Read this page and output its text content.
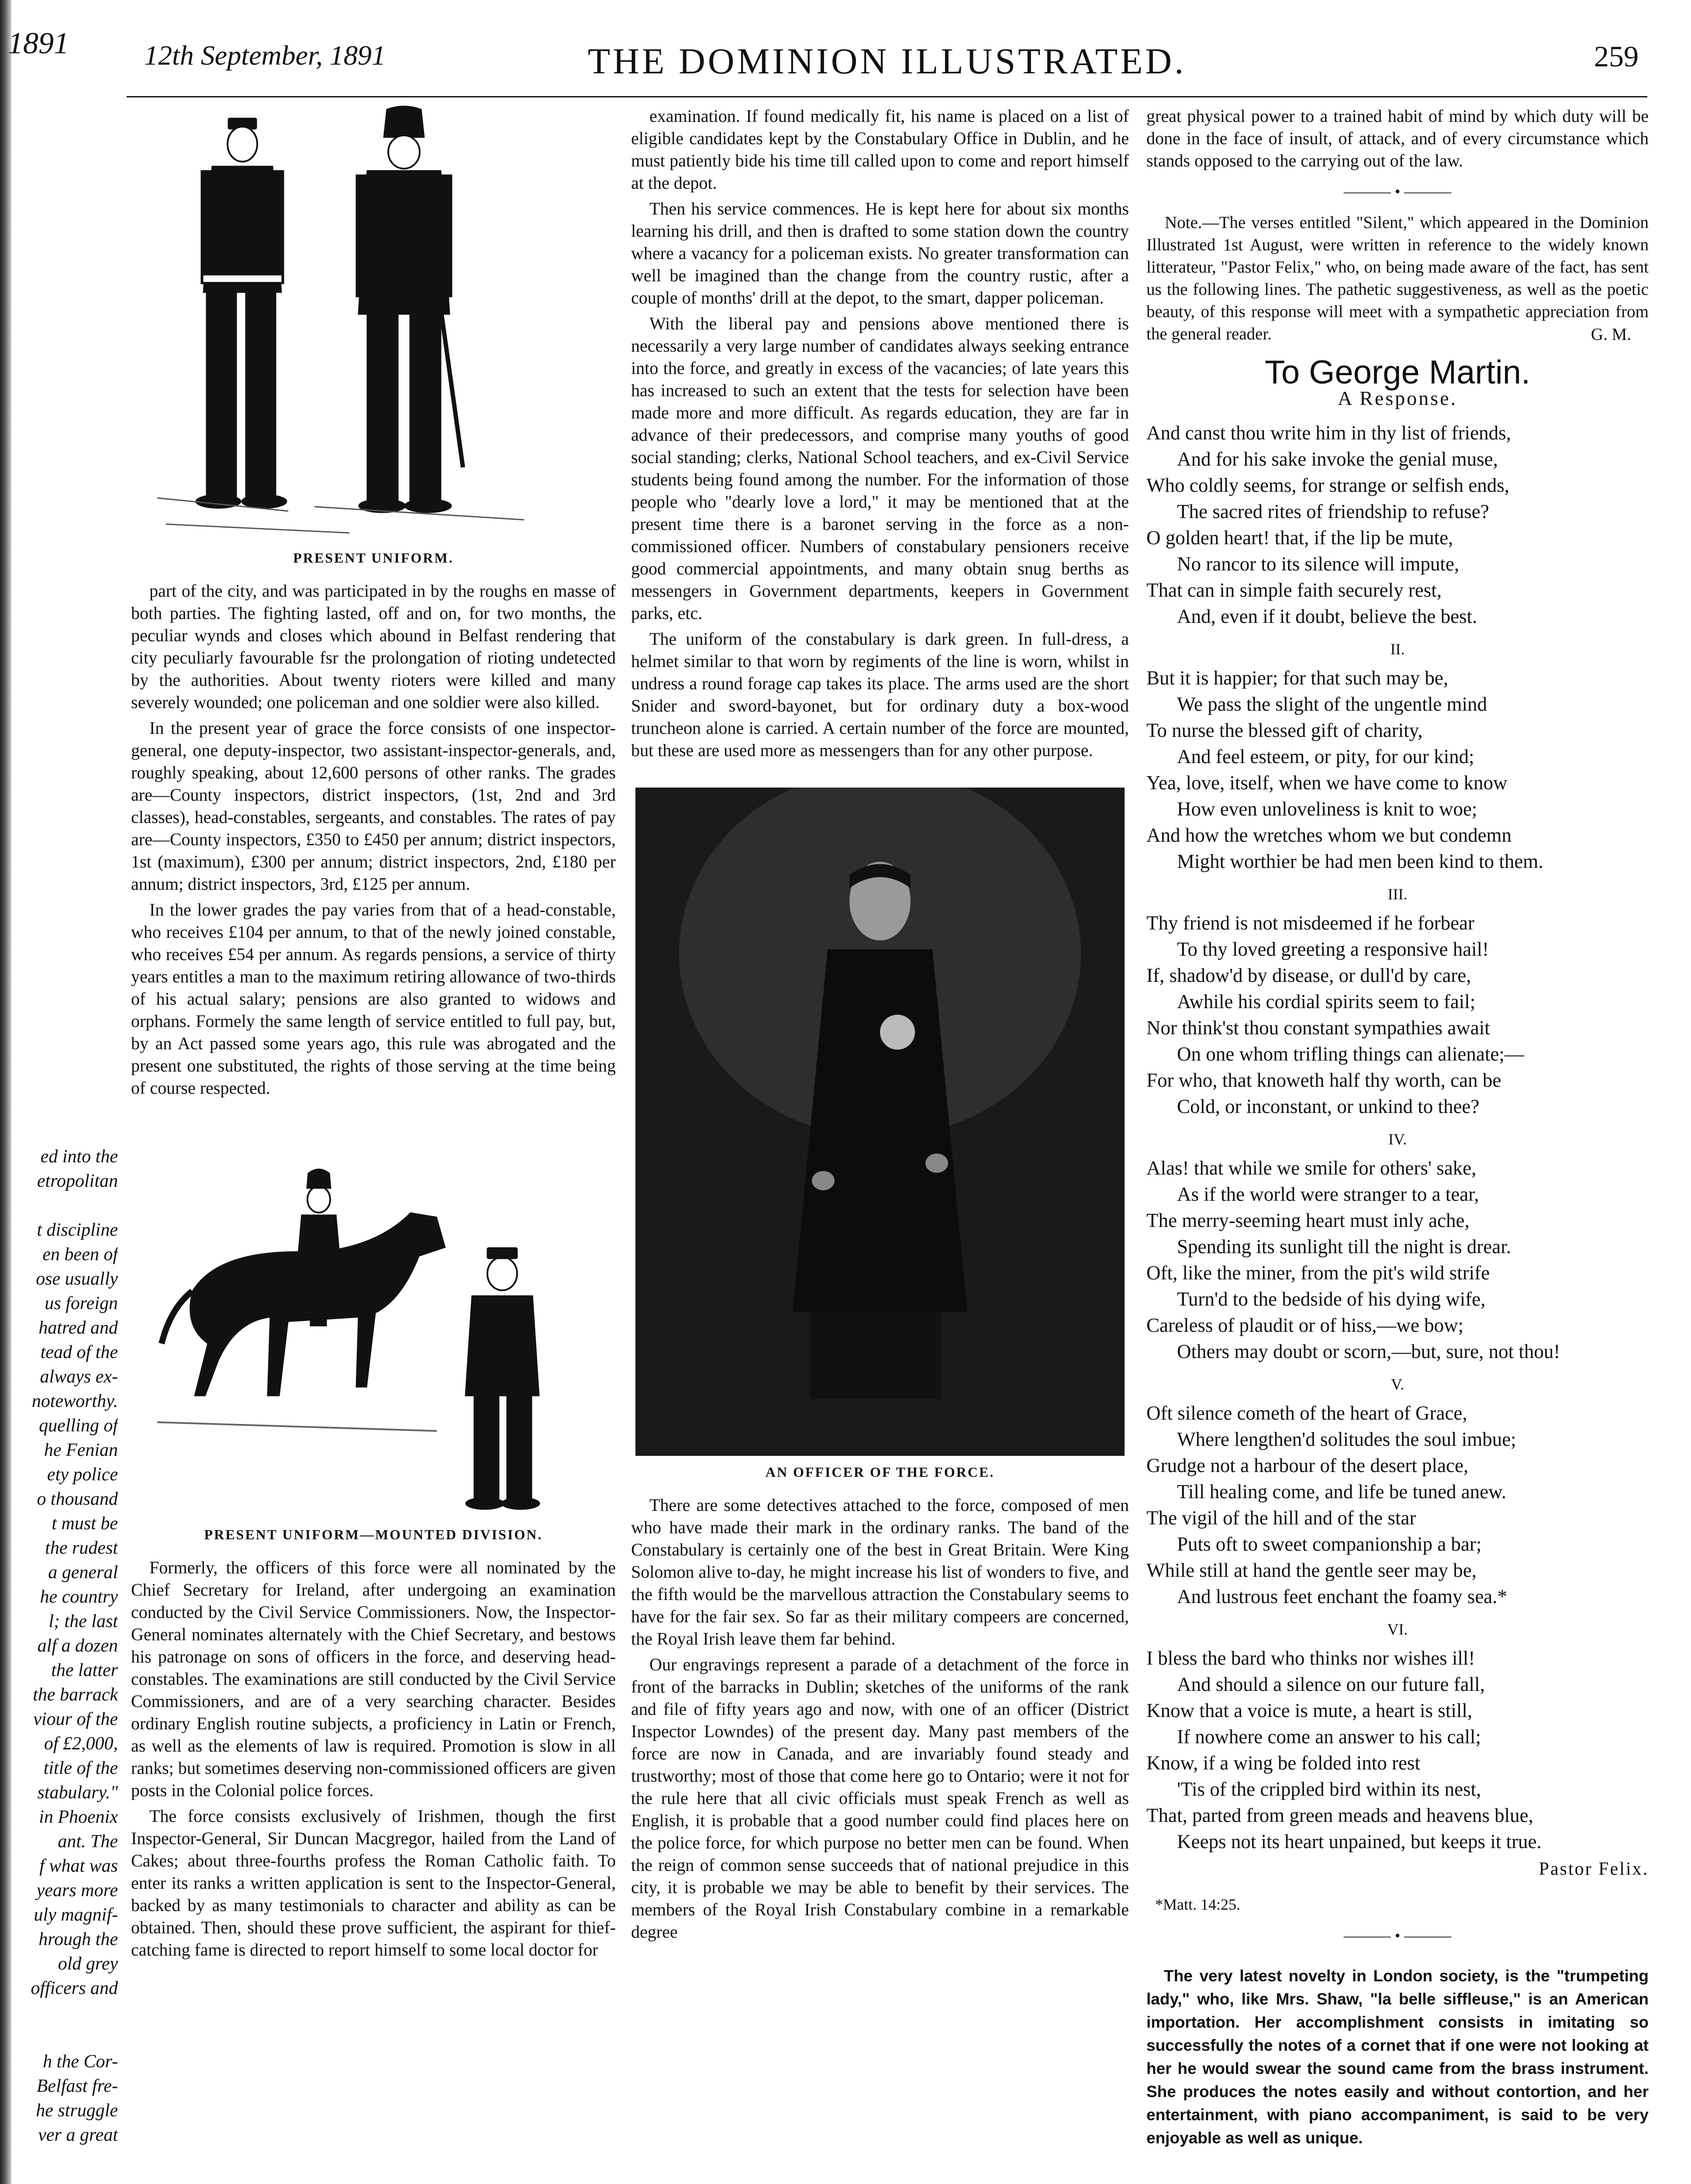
1891
ed into the
etropolitan

t discipline
en been of
ose usually
us foreign
hatred and
tead of the
always ex-
noteworthy.
quelling of
he Fenian
ety police
o thousand
t must be
the rudest
a general
he country
l; the last
alf a dozen
the latter
the barrack
viour of the
of £2,000,
title of the
stabulary."
in Phoenix
ant. The
f what was
years more
uly magnif-
hrough the
old grey
officers and

h the Cor-
Belfast fre-
he struggle
ver a great
12th September, 1891	THE DOMINION ILLUSTRATED.	259
PRESENT UNIFORM.

part of the city, and was participated in by the roughs en masse of both parties. The fighting lasted, off and on, for two months, the peculiar wynds and closes which abound in Belfast rendering that city peculiarly favourable fsr the prolongation of rioting undetected by the authorities. About twenty rioters were killed and many severely wounded; one policeman and one soldier were also killed.

In the present year of grace the force consists of one inspector-general, one deputy-inspector, two assistant-inspector-generals, and, roughly speaking, about 12,600 persons of other ranks. The grades are—County inspectors, district inspectors, (1st, 2nd and 3rd classes), head-constables, sergeants, and constables. The rates of pay are—County inspectors, £350 to £450 per annum; district inspectors, 1st (maximum), £300 per annum; district inspectors, 2nd, £180 per annum; district inspectors, 3rd, £125 per annum.

In the lower grades the pay varies from that of a head-constable, who receives £104 per annum, to that of the newly joined constable, who receives £54 per annum. As regards pensions, a service of thirty years entitles a man to the maximum retiring allowance of two-thirds of his actual salary; pensions are also granted to widows and orphans. Formely the same length of service entitled to full pay, but, by an Act passed some years ago, this rule was abrogated and the present one substituted, the rights of those serving at the time being of course respected.

PRESENT UNIFORM—MOUNTED DIVISION.

Formerly, the officers of this force were all nominated by the Chief Secretary for Ireland, after undergoing an examination conducted by the Civil Service Commissioners. Now, the Inspector-General nominates alternately with the Chief Secretary, and bestows his patronage on sons of officers in the force, and deserving head-constables. The examinations are still conducted by the Civil Service Commissioners, and are of a very searching character. Besides ordinary English routine subjects, a proficiency in Latin or French, as well as the elements of law is required. Promotion is slow in all ranks; but sometimes deserving non-commissioned officers are given posts in the Colonial police forces.

The force consists exclusively of Irishmen, though the first Inspector-General, Sir Duncan Macgregor, hailed from the Land of Cakes; about three-fourths profess the Roman Catholic faith. To enter its ranks a written application is sent to the Inspector-General, backed by as many testimonials to character and ability as can be obtained. Then, should these prove sufficient, the aspirant for thief-catching fame is directed to report himself to some local doctor for

examination. If found medically fit, his name is placed on a list of eligible candidates kept by the Constabulary Office in Dublin, and he must patiently bide his time till called upon to come and report himself at the depot.

Then his service commences. He is kept here for about six months learning his drill, and then is drafted to some station down the country where a vacancy for a policeman exists. No greater transformation can well be imagined than the change from the country rustic, after a couple of months' drill at the depot, to the smart, dapper policeman.

With the liberal pay and pensions above mentioned there is necessarily a very large number of candidates always seeking entrance into the force, and greatly in excess of the vacancies; of late years this has increased to such an extent that the tests for selection have been made more and more difficult. As regards education, they are far in advance of their predecessors, and comprise many youths of good social standing; clerks, National School teachers, and ex-Civil Service students being found among the number. For the information of those people who "dearly love a lord," it may be mentioned that at the present time there is a baronet serving in the force as a non-commissioned officer. Numbers of constabulary pensioners receive good commercial appointments, and many obtain snug berths as messengers in Government departments, keepers in Government parks, etc.

The uniform of the constabulary is dark green. In full-dress, a helmet similar to that worn by regiments of the line is worn, whilst in undress a round forage cap takes its place. The arms used are the short Snider and sword-bayonet, but for ordinary duty a box-wood truncheon alone is carried. A certain number of the force are mounted, but these are used more as messengers than for any other purpose.

AN OFFICER OF THE FORCE.

There are some detectives attached to the force, composed of men who have made their mark in the ordinary ranks. The band of the Constabulary is certainly one of the best in Great Britain. Were King Solomon alive to-day, he might increase his list of wonders to five, and the fifth would be the marvellous attraction the Constabulary seems to have for the fair sex. So far as their military compeers are concerned, the Royal Irish leave them far behind.

Our engravings represent a parade of a detachment of the force in front of the barracks in Dublin; sketches of the uniforms of the rank and file of fifty years ago and now, with one of an officer (District Inspector Lowndes) of the present day. Many past members of the force are now in Canada, and are invariably found steady and trustworthy; most of those that come here go to Ontario; were it not for the rule here that all civic officials must speak French as well as English, it is probable that a good number could find places here on the police force, for which purpose no better men can be found. When the reign of common sense succeeds that of national prejudice in this city, it is probable we may be able to benefit by their services. The members of the Royal Irish Constabulary combine in a remarkable degree

great physical power to a trained habit of mind by which duty will be done in the face of insult, of attack, and of every circumstance which stands opposed to the carrying out of the law.

——— • ———

Note.—The verses entitled "Silent," which appeared in the Dominion Illustrated 1st August, were written in reference to the widely known litterateur, "Pastor Felix," who, on being made aware of the fact, has sent us the following lines. The pathetic suggestiveness, as well as the poetic beauty, of this response will meet with a sympathetic appreciation from the general reader.	G. M.
To George Martin.
A Response.
And canst thou write him in thy list of friends,
And for his sake invoke the genial muse,
Who coldly seems, for strange or selfish ends,
The sacred rites of friendship to refuse?
O golden heart! that, if the lip be mute,
No rancor to its silence will impute,
That can in simple faith securely rest,
And, even if it doubt, believe the best.
II.
But it is happier; for that such may be,
We pass the slight of the ungentle mind
To nurse the blessed gift of charity,
And feel esteem, or pity, for our kind;
Yea, love, itself, when we have come to know
How even unloveliness is knit to woe;
And how the wretches whom we but condemn
Might worthier be had men been kind to them.
III.
Thy friend is not misdeemed if he forbear
To thy loved greeting a responsive hail!
If, shadow'd by disease, or dull'd by care,
Awhile his cordial spirits seem to fail;
Nor think'st thou constant sympathies await
On one whom trifling things can alienate;—
For who, that knoweth half thy worth, can be
Cold, or inconstant, or unkind to thee?
IV.
Alas! that while we smile for others' sake,
As if the world were stranger to a tear,
The merry-seeming heart must inly ache,
Spending its sunlight till the night is drear.
Oft, like the miner, from the pit's wild strife
Turn'd to the bedside of his dying wife,
Careless of plaudit or of hiss,—we bow;
Others may doubt or scorn,—but, sure, not thou!
V.
Oft silence cometh of the heart of Grace,
Where lengthen'd solitudes the soul imbue;
Grudge not a harbour of the desert place,
Till healing come, and life be tuned anew.
The vigil of the hill and of the star
Puts oft to sweet companionship a bar;
While still at hand the gentle seer may be,
And lustrous feet enchant the foamy sea.*
VI.
I bless the bard who thinks nor wishes ill!
And should a silence on our future fall,
Know that a voice is mute, a heart is still,
If nowhere come an answer to his call;
Know, if a wing be folded into rest
'Tis of the crippled bird within its nest,
That, parted from green meads and heavens blue,
Keeps not its heart unpained, but keeps it true.
Pastor Felix.
*Matt. 14:25.
——— • ———
The very latest novelty in London society, is the "trumpeting lady," who, like Mrs. Shaw, "la belle siffleuse," is an American importation. Her accomplishment consists in imitating so successfully the notes of a cornet that if one were not looking at her he would swear the sound came from the brass instrument. She produces the notes easily and without contortion, and her entertainment, with piano accompaniment, is said to be very enjoyable as well as unique.
